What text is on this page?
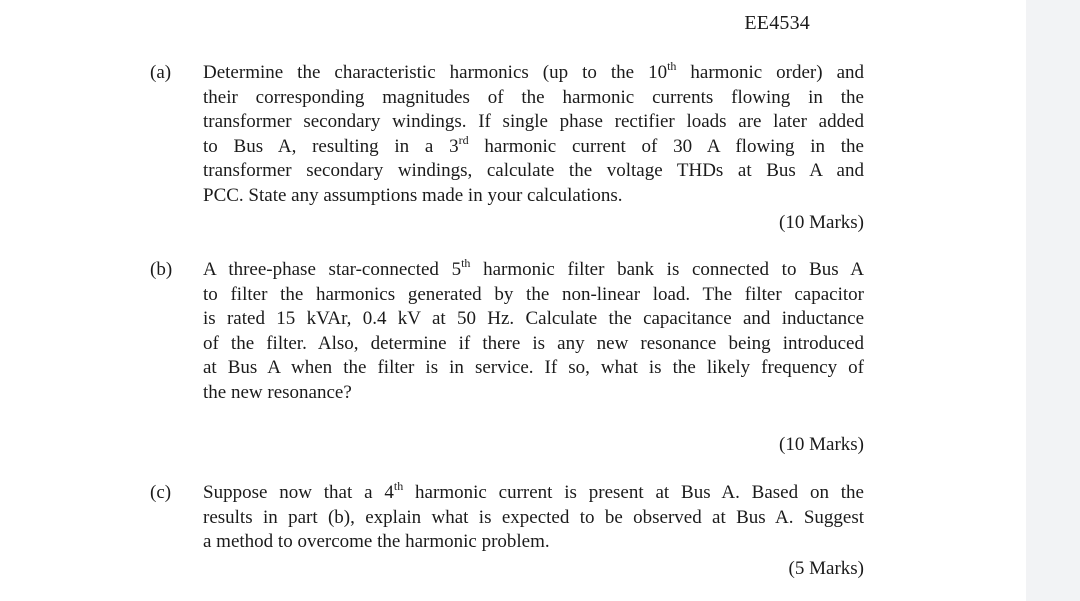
EE4534
(a) Determine the characteristic harmonics (up to the 10th harmonic order) and
their corresponding magnitudes of the harmonic currents flowing in the
transformer secondary windings. If single phase rectifier loads are later added
to Bus A, resulting in a 3rd harmonic current of 30 A flowing in the
transformer secondary windings, calculate the voltage THDs at Bus A and
PCC. State any assumptions made in your calculations.
(10 Marks)
(b) A three-phase star-connected 5th harmonic filter bank is connected to Bus A
to filter the harmonics generated by the non-linear load. The filter capacitor
is rated 15 kVAr, 0.4 kV at 50 Hz. Calculate the capacitance and inductance
of the filter. Also, determine if there is any new resonance being introduced
at Bus A when the filter is in service. If so, what is the likely frequency of
the new resonance?
(10 Marks)
(c) Suppose now that a 4th harmonic current is present at Bus A. Based on the
results in part (b), explain what is expected to be observed at Bus A. Suggest
a method to overcome the harmonic problem.
(5 Marks)
